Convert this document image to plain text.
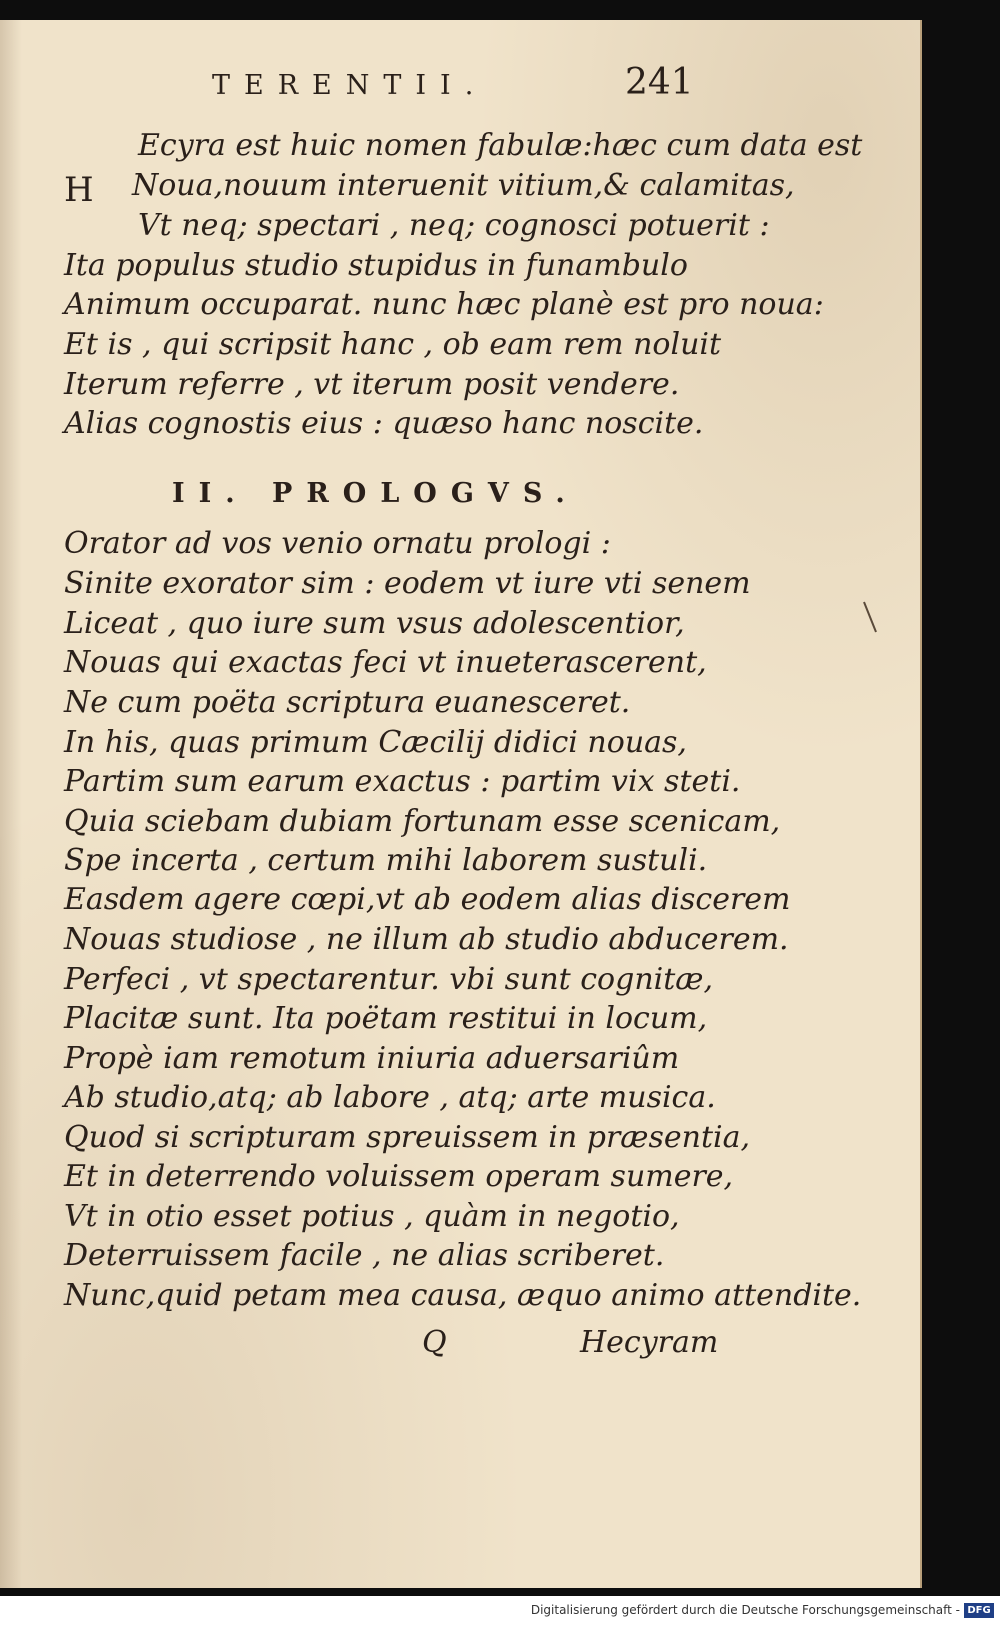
TERENTII.	241
H
Ecyra est huic nomen fabulæ:hæc cum data est
Noua,nouum interuenit vitium,& calamitas,
Vt neq; spectari , neq; cognosci potuerit :
Ita populus studio stupidus in funambulo
Animum occuparat. nunc hæc planè est pro noua:
Et is , qui scripsit hanc , ob eam rem noluit
Iterum referre , vt iterum posit vendere.
Alias cognostis eius : quæso hanc noscite.
II. PROLOGVS.
Orator ad vos venio ornatu prologi :
Sinite exorator sim : eodem vt iure vti senem
Liceat , quo iure sum vsus adolescentior,
Nouas qui exactas feci vt inueterascerent,
Ne cum poëta scriptura euanesceret.
In his, quas primum Cæcilij didici nouas,
Partim sum earum exactus : partim vix steti.
Quia sciebam dubiam fortunam esse scenicam,
Spe incerta , certum mihi laborem sustuli.
Easdem agere cœpi,vt ab eodem alias discerem
Nouas studiose , ne illum ab studio abducerem.
Perfeci , vt spectarentur. vbi sunt cognitæ,
Placitæ sunt. Ita poëtam restitui in locum,
Propè iam remotum iniuria aduersariûm
Ab studio,atq; ab labore , atq; arte musica.
Quod si scripturam spreuissem in præsentia,
Et in deterrendo voluissem operam sumere,
Vt in otio esset potius , quàm in negotio,
Deterruissem facile , ne alias scriberet.
Nunc,quid petam mea causa, æquo animo attendite.
Q	Hecyram
Digitalisierung gefördert durch die Deutsche Forschungsgemeinschaft - DFG
